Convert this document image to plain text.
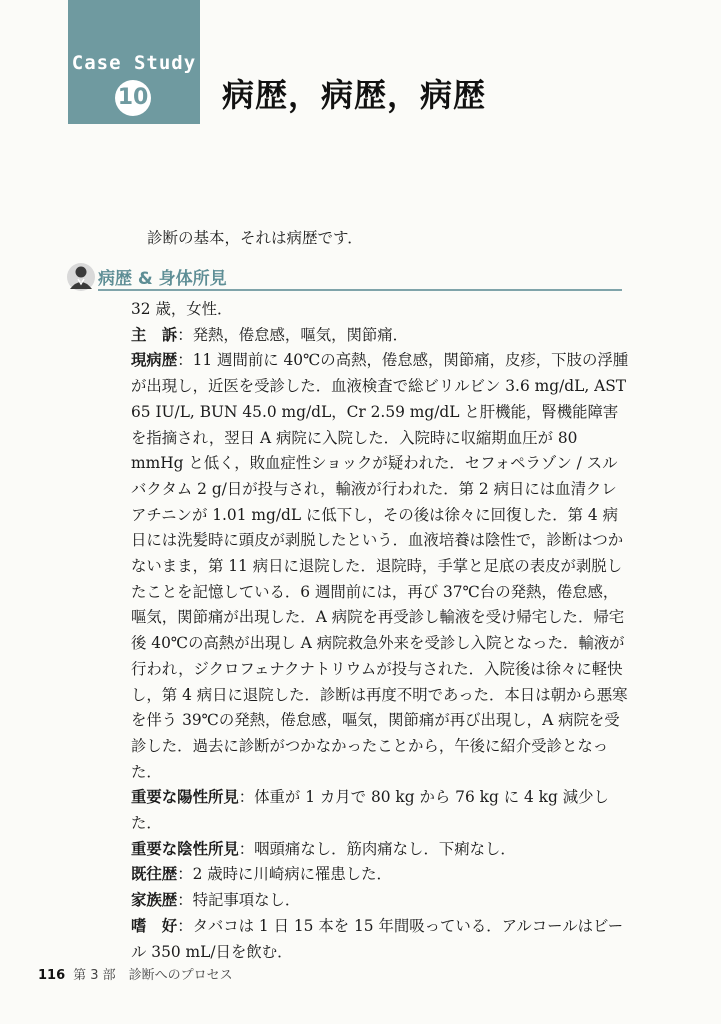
Case Study
10 病歴，病歴，病歴
診断の基本，それは病歴です．
病歴 & 身体所見

32 歳，女性．

主　訴：発熱，倦怠感，嘔気，関節痛．

現病歴：11 週間前に 40℃の高熱，倦怠感，関節痛，皮疹，下肢の浮腫が出現し，近医を受診した．血液検査で総ビリルビン 3.6 mg/dL, AST 65 IU/L, BUN 45.0 mg/dL，Cr 2.59 mg/dL と肝機能，腎機能障害を指摘され，翌日 A 病院に入院した．入院時に収縮期血圧が 80 mmHg と低く，敗血症性ショックが疑われた．セフォペラゾン / スルバクタム 2 g/日が投与され，輸液が行われた．第 2 病日には血清クレアチニンが 1.01 mg/dL に低下し，その後は徐々に回復した．第 4 病日には洗髪時に頭皮が剥脱したという．血液培養は陰性で，診断はつかないまま，第 11 病日に退院した．退院時，手掌と足底の表皮が剥脱したことを記憶している．6 週間前には，再び 37℃台の発熱，倦怠感，嘔気，関節痛が出現した．A 病院を再受診し輸液を受け帰宅した．帰宅後 40℃の高熱が出現し A 病院救急外来を受診し入院となった．輸液が行われ，ジクロフェナクナトリウムが投与された．入院後は徐々に軽快し，第 4 病日に退院した．診断は再度不明であった．本日は朝から悪寒を伴う 39℃の発熱，倦怠感，嘔気，関節痛が再び出現し，A 病院を受診した．過去に診断がつかなかったことから，午後に紹介受診となった．

重要な陽性所見：体重が 1 カ月で 80 kg から 76 kg に 4 kg 減少した．

重要な陰性所見：咽頭痛なし．筋肉痛なし．下痢なし．

既往歴：2 歳時に川崎病に罹患した．

家族歴：特記事項なし．

嗜　好：タバコは 1 日 15 本を 15 年間吸っている．アルコールはビール 350 mL/日を飲む．

116 第 3 部　診断へのプロセス
